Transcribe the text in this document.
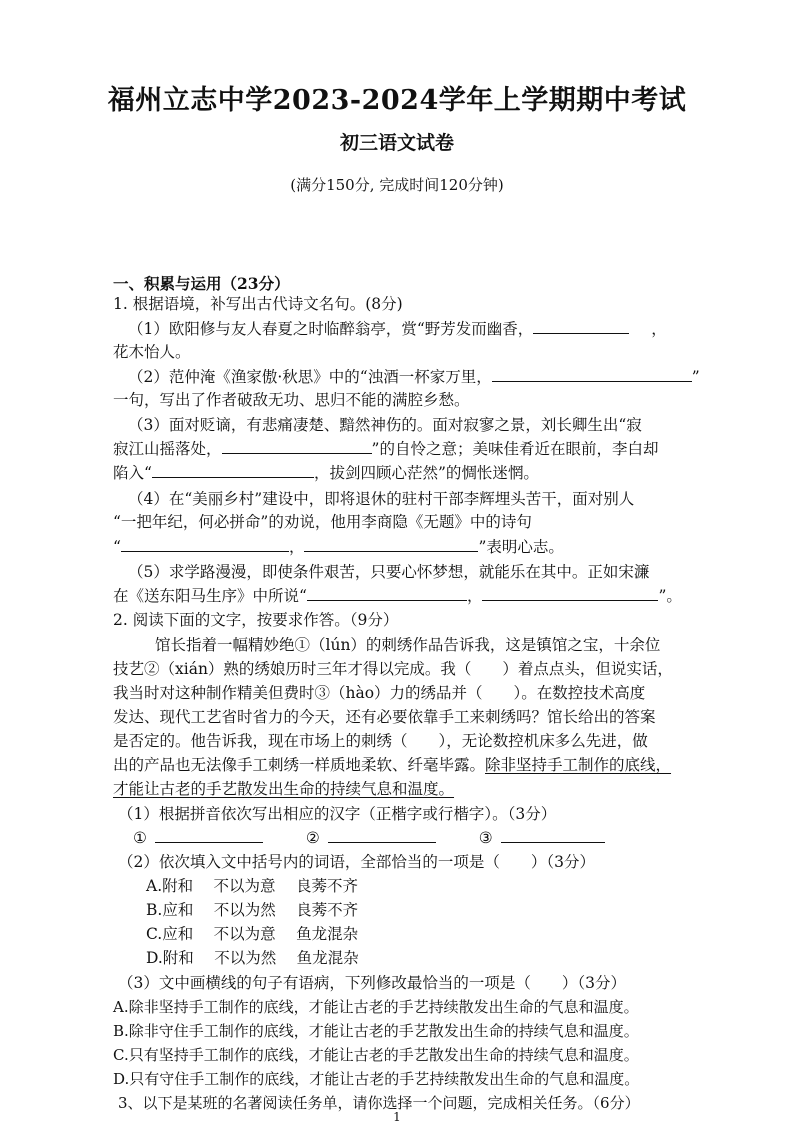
福州立志中学2023-2024学年上学期期中考试
初三语文试卷
(满分150分, 完成时间120分钟)
一、积累与运用（23分）
1. 根据语境，补写出古代诗文名句。(8分)
（1）欧阳修与友人春夏之时临醉翁亭，赏“野芳发而幽香，	，
花木怡人。
（2）范仲淹《渔家傲·秋思》中的“浊酒一杯家万里，	”
一句，写出了作者破敌无功、思归不能的满腔乡愁。
（3）面对贬谪，有悲痛凄楚、黯然神伤的。面对寂寥之景，刘长卿生出“寂
寂江山摇落处，	”的自怜之意；美味佳肴近在眼前，李白却
陷入“	，拔剑四顾心茫然”的惆怅迷惘。
（4）在“美丽乡村”建设中，即将退休的驻村干部李辉埋头苦干，面对别人
“一把年纪，何必拼命”的劝说，他用李商隐《无题》中的诗句
“	，	”表明心志。
（5）求学路漫漫，即使条件艰苦，只要心怀梦想，就能乐在其中。正如宋濂
在《送东阳马生序》中所说“	，	”。
2. 阅读下面的文字，按要求作答。（9分）
馆长指着一幅精妙绝①（lún）的刺绣作品告诉我，这是镇馆之宝，十余位
技艺②（xián）熟的绣娘历时三年才得以完成。我（　　）着点点头，但说实话，
我当时对这种制作精美但费时③（hào）力的绣品并（　　）。在数控技术高度
发达、现代工艺省时省力的今天，还有必要依靠手工来刺绣吗？馆长给出的答案
是否定的。他告诉我，现在市场上的刺绣（　　），无论数控机床多么先进，做
出的产品也无法像手工刺绣一样质地柔软、纤毫毕露。除非坚持手工制作的底线，
才能让古老的手艺散发出生命的持续气息和温度。
（1）根据拼音依次写出相应的汉字（正楷字或行楷字）。（3分）
①	②	③
（2）依次填入文中括号内的词语，全部恰当的一项是（　　）（3分）
A.附和　 不以为意　 良莠不齐
B.应和　 不以为然　 良莠不齐
C.应和　 不以为意　 鱼龙混杂
D.附和　 不以为然　 鱼龙混杂
（3）文中画横线的句子有语病，下列修改最恰当的一项是（　　）（3分）
A.除非坚持手工制作的底线，才能让古老的手艺持续散发出生命的气息和温度。
B.除非守住手工制作的底线，才能让古老的手艺散发出生命的持续气息和温度。
C.只有坚持手工制作的底线，才能让古老的手艺散发出生命的持续气息和温度。
D.只有守住手工制作的底线，才能让古老的手艺持续散发出生命的气息和温度。
3、以下是某班的名著阅读任务单，请你选择一个问题，完成相关任务。（6分）
1
